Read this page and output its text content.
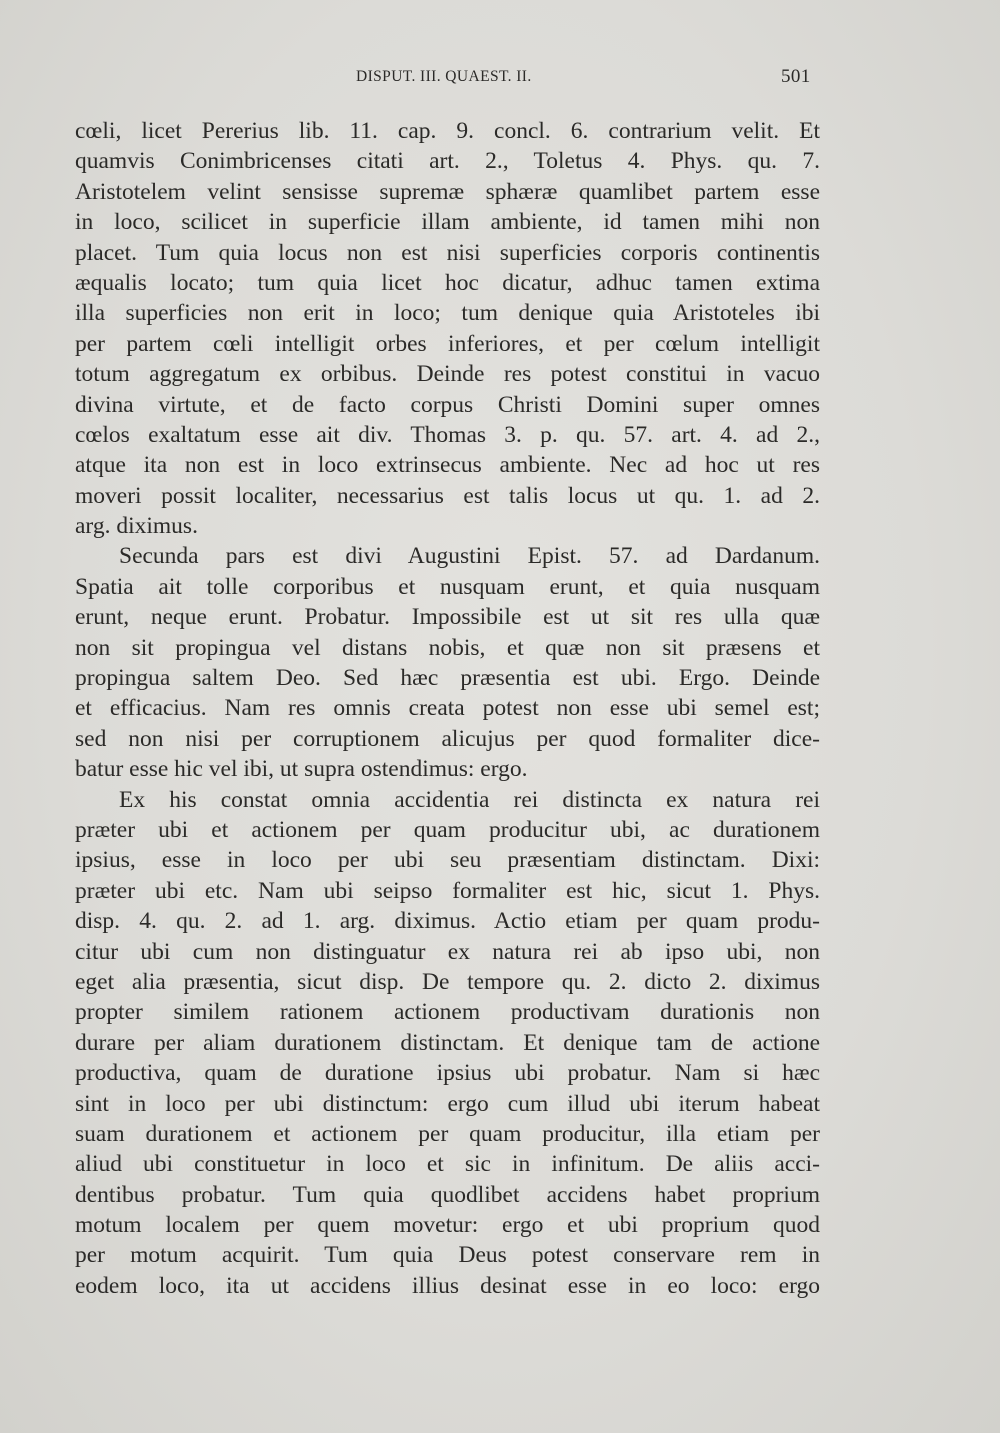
DISPUT. III. QUAEST. II.	501
cœli, licet Pererius lib. 11. cap. 9. concl. 6. contrarium velit. Et
quamvis Conimbricenses citati art. 2., Toletus 4. Phys. qu. 7.
Aristotelem velint sensisse supremæ sphæræ quamlibet partem esse
in loco, scilicet in superficie illam ambiente, id tamen mihi non
placet. Tum quia locus non est nisi superficies corporis continentis
æqualis locato; tum quia licet hoc dicatur, adhuc tamen extima
illa superficies non erit in loco; tum denique quia Aristoteles ibi
per partem cœli intelligit orbes inferiores, et per cœlum intelligit
totum aggregatum ex orbibus. Deinde res potest constitui in vacuo
divina virtute, et de facto corpus Christi Domini super omnes
cœlos exaltatum esse ait div. Thomas 3. p. qu. 57. art. 4. ad 2.,
atque ita non est in loco extrinsecus ambiente. Nec ad hoc ut res
moveri possit localiter, necessarius est talis locus ut qu. 1. ad 2.
arg. diximus.
Secunda pars est divi Augustini Epist. 57. ad Dardanum.
Spatia ait tolle corporibus et nusquam erunt, et quia nusquam
erunt, neque erunt. Probatur. Impossibile est ut sit res ulla quæ
non sit propingua vel distans nobis, et quæ non sit præsens et
propingua saltem Deo. Sed hæc præsentia est ubi. Ergo. Deinde
et efficacius. Nam res omnis creata potest non esse ubi semel est;
sed non nisi per corruptionem alicujus per quod formaliter dice-
batur esse hic vel ibi, ut supra ostendimus: ergo.
Ex his constat omnia accidentia rei distincta ex natura rei
præter ubi et actionem per quam producitur ubi, ac durationem
ipsius, esse in loco per ubi seu præsentiam distinctam. Dixi:
præter ubi etc. Nam ubi seipso formaliter est hic, sicut 1. Phys.
disp. 4. qu. 2. ad 1. arg. diximus. Actio etiam per quam produ-
citur ubi cum non distinguatur ex natura rei ab ipso ubi, non
eget alia præsentia, sicut disp. De tempore qu. 2. dicto 2. diximus
propter similem rationem actionem productivam durationis non
durare per aliam durationem distinctam. Et denique tam de actione
productiva, quam de duratione ipsius ubi probatur. Nam si hæc
sint in loco per ubi distinctum: ergo cum illud ubi iterum habeat
suam durationem et actionem per quam producitur, illa etiam per
aliud ubi constituetur in loco et sic in infinitum. De aliis acci-
dentibus probatur. Tum quia quodlibet accidens habet proprium
motum localem per quem movetur: ergo et ubi proprium quod
per motum acquirit. Tum quia Deus potest conservare rem in
eodem loco, ita ut accidens illius desinat esse in eo loco: ergo
